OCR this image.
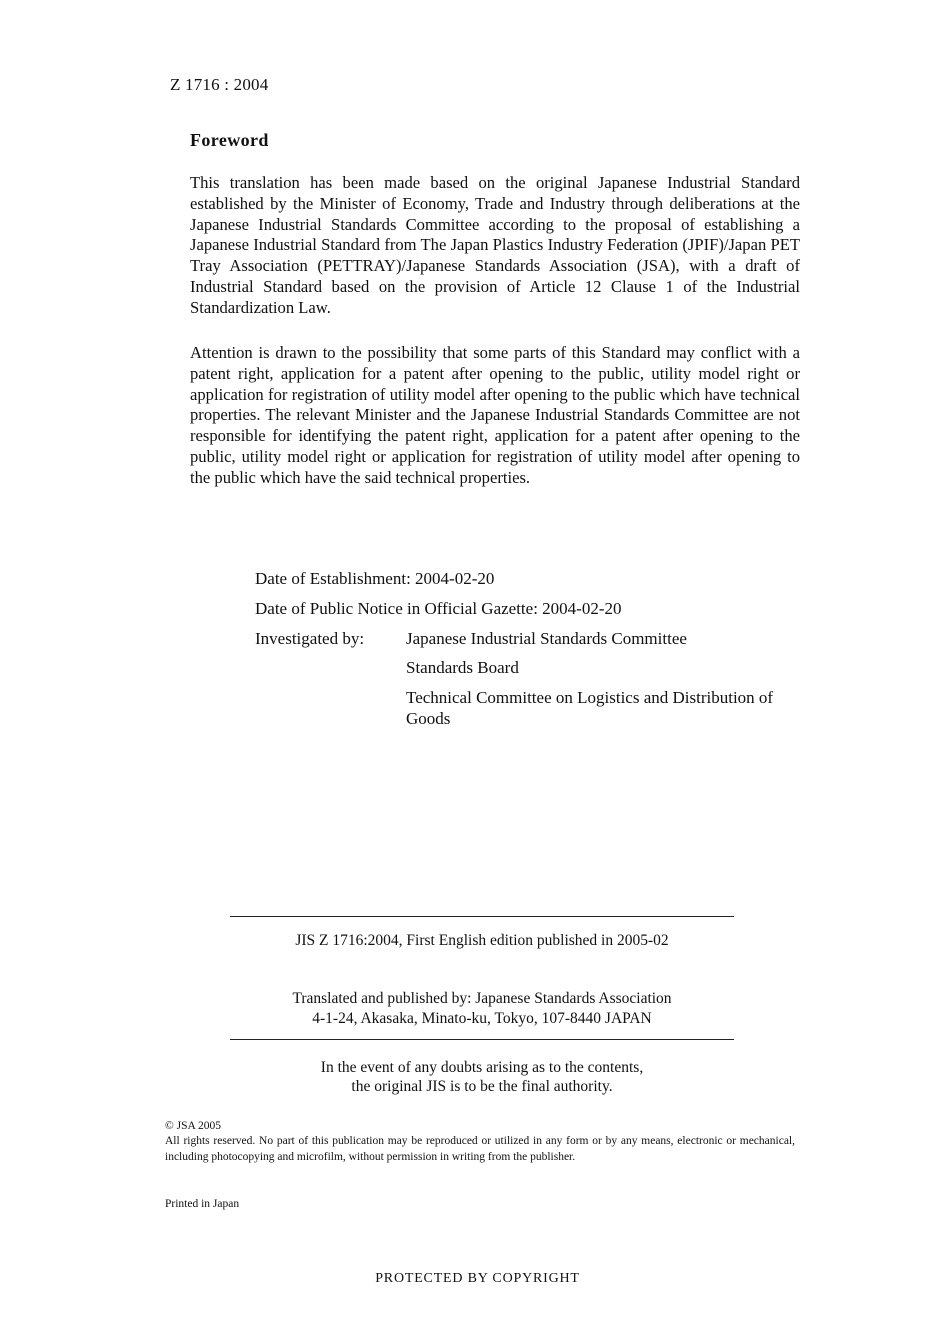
Z 1716 : 2004
Foreword

This translation has been made based on the original Japanese Industrial Standard established by the Minister of Economy, Trade and Industry through deliberations at the Japanese Industrial Standards Committee according to the proposal of establishing a Japanese Industrial Standard from The Japan Plastics Industry Federation (JPIF)/Japan PET Tray Association (PETTRAY)/Japanese Standards Association (JSA), with a draft of Industrial Standard based on the provision of Article 12 Clause 1 of the Industrial Standardization Law.

Attention is drawn to the possibility that some parts of this Standard may conflict with a patent right, application for a patent after opening to the public, utility model right or application for registration of utility model after opening to the public which have technical properties. The relevant Minister and the Japanese Industrial Standards Committee are not responsible for identifying the patent right, application for a patent after opening to the public, utility model right or application for registration of utility model after opening to the public which have the said technical properties.

Date of Establishment: 2004-02-20
Date of Public Notice in Official Gazette: 2004-02-20
Investigated by: Japanese Industrial Standards Committee
Standards Board
Technical Committee on Logistics and Distribution of Goods
JIS Z 1716:2004, First English edition published in 2005-02
Translated and published by: Japanese Standards Association
4-1-24, Akasaka, Minato-ku, Tokyo, 107-8440 JAPAN
In the event of any doubts arising as to the contents,
the original JIS is to be the final authority.
© JSA 2005
All rights reserved. No part of this publication may be reproduced or utilized in any form or by any means, electronic or mechanical, including photocopying and microfilm, without permission in writing from the publisher.
Printed in Japan
PROTECTED BY COPYRIGHT
